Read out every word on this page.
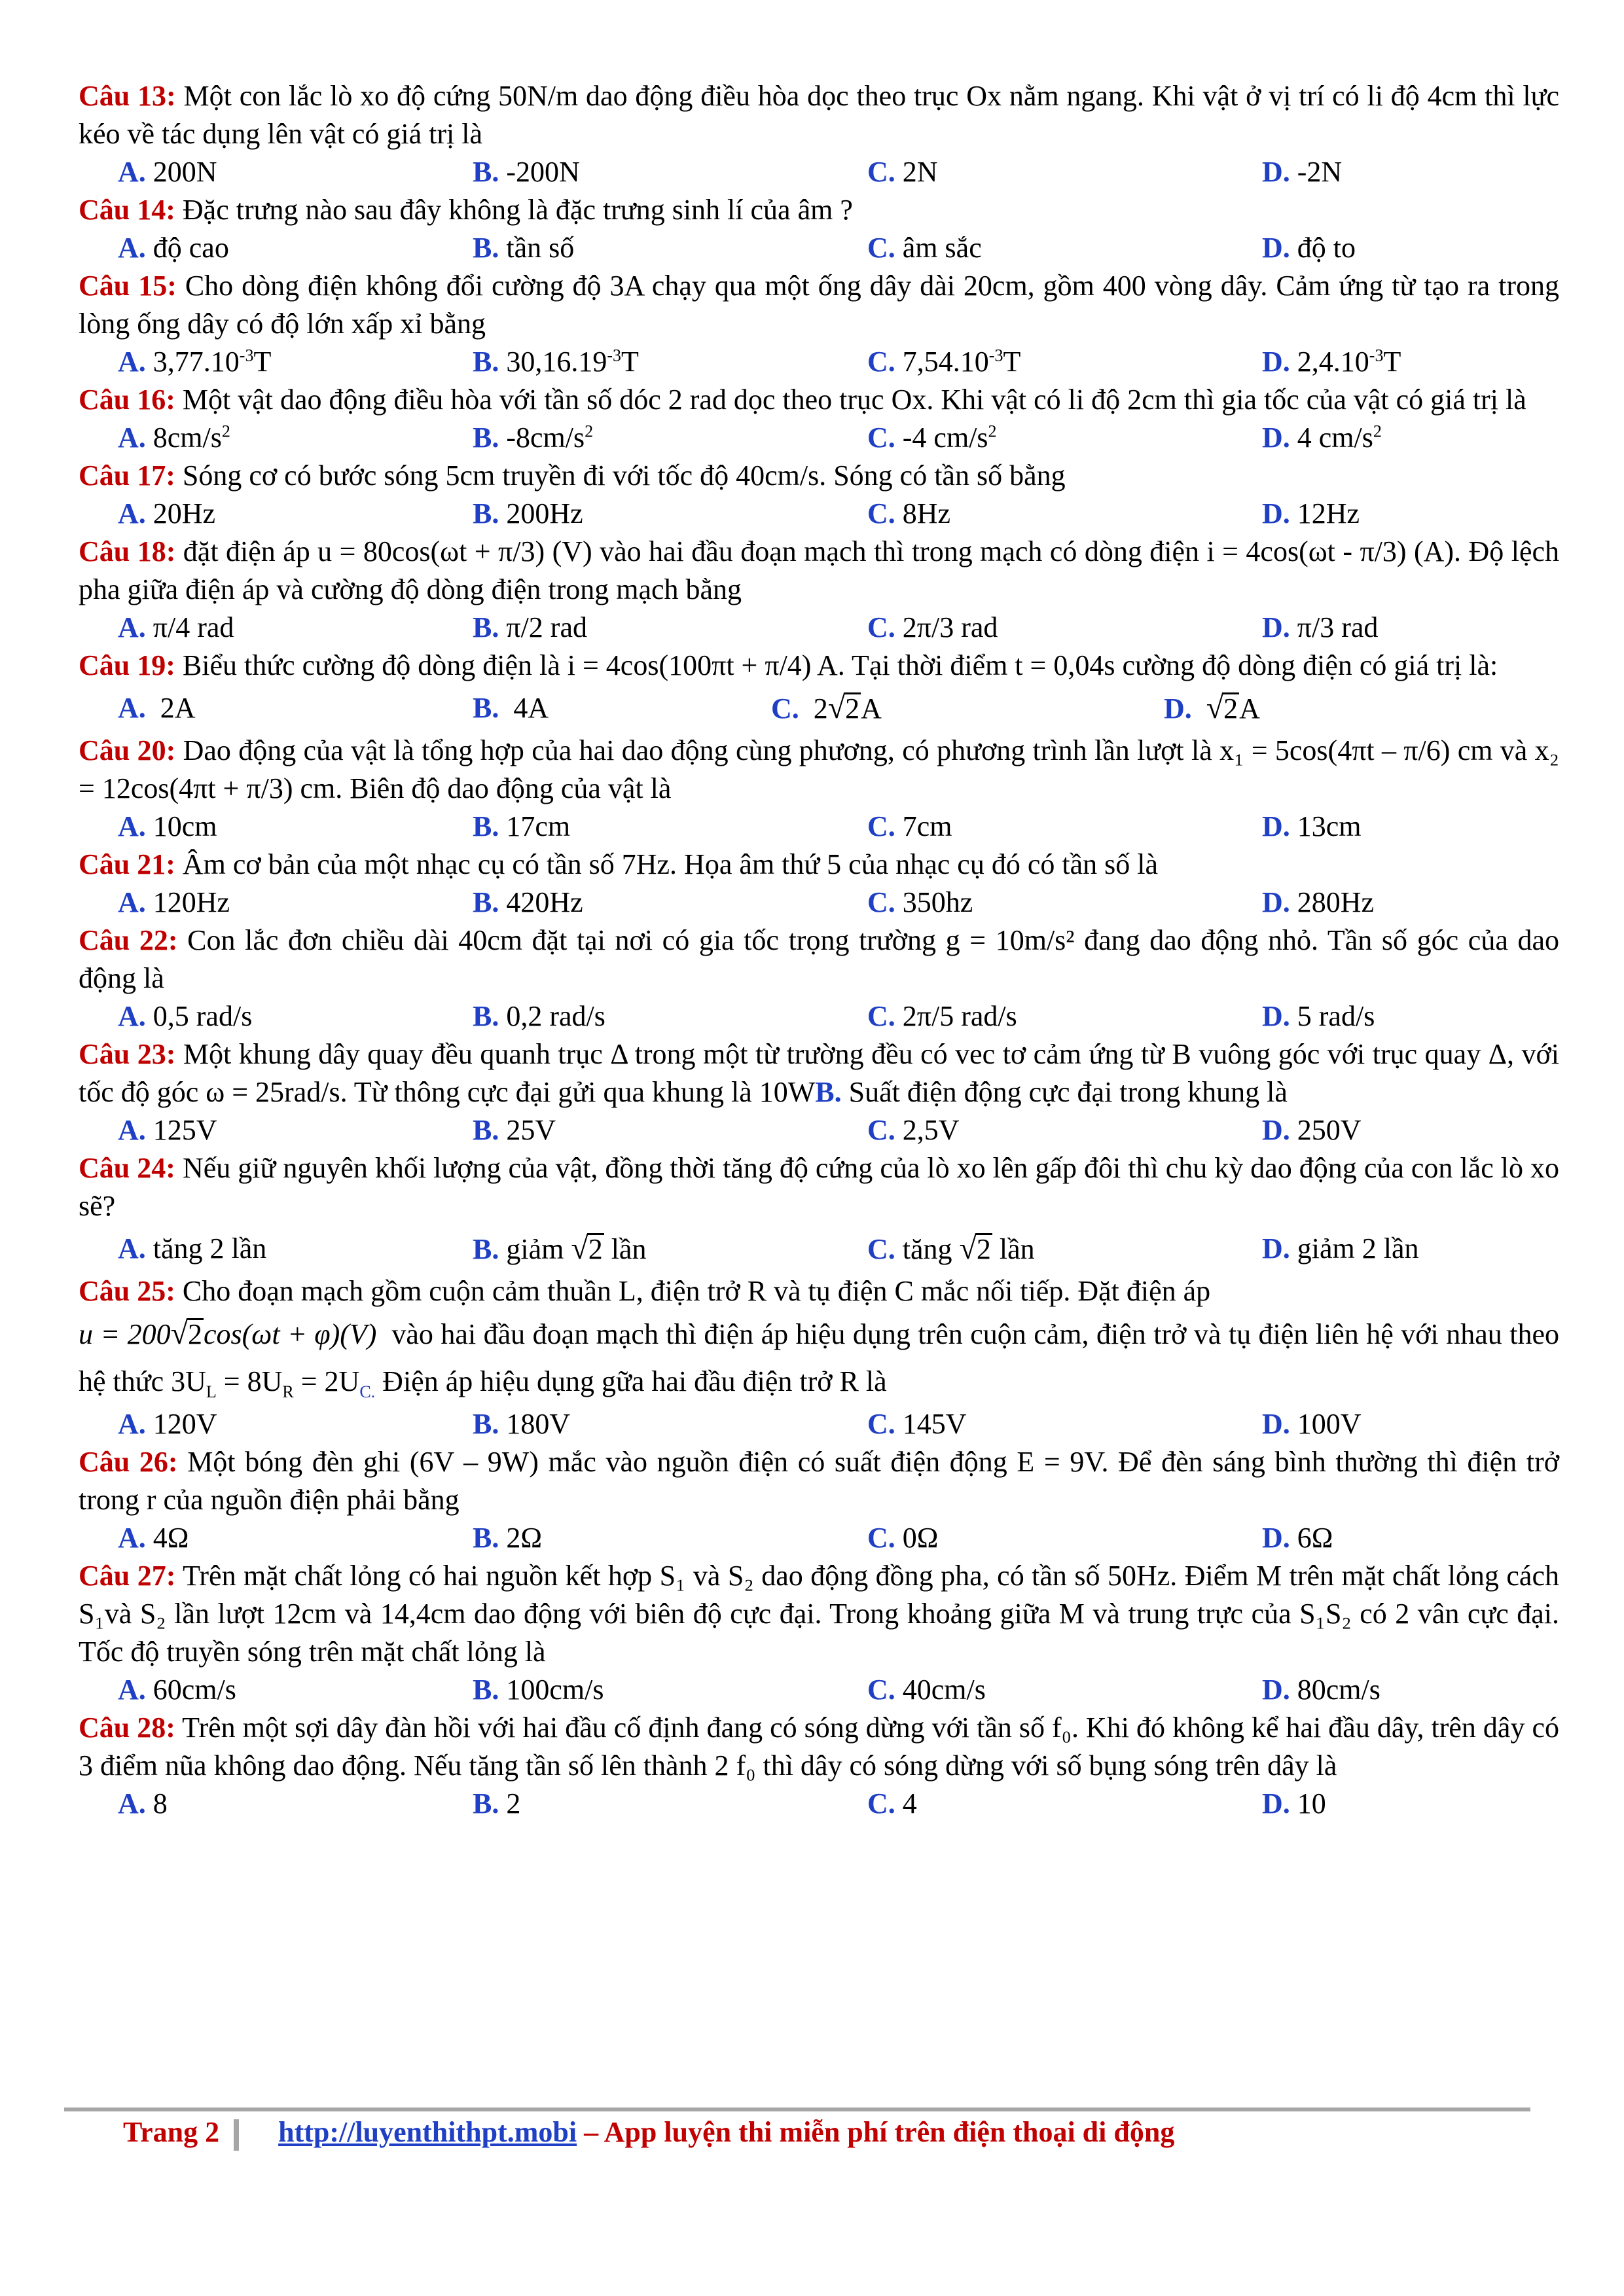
Câu 13: Một con lắc lò xo độ cứng 50N/m dao động điều hòa dọc theo trục Ox nằm ngang. Khi vật ở vị trí có li độ 4cm thì lực kéo về tác dụng lên vật có giá trị là
A. 200N	B. -200N	C. 2N	D. -2N
Câu 14: Đặc trưng nào sau đây không là đặc trưng sinh lí của âm ?
A. độ cao	B. tần số	C. âm sắc	D. độ to
Câu 15: Cho dòng điện không đổi cường độ 3A chạy qua một ống dây dài 20cm, gồm 400 vòng dây. Cảm ứng từ tạo ra trong lòng ống dây có độ lớn xấp xỉ bằng
A. $3,77.10^{-3}T$	B. $30,16.19^{-3}T$	C. $7,54.10^{-3}T$	D. $2,4.10^{-3}T$
Câu 16: Một vật dao động điều hòa với tần số dóc 2 rad dọc theo trục Ox. Khi vật có li độ 2cm thì gia tốc của vật có giá trị là
A. $8cm/s^2$	B. $-8cm/s^2$	C. -4 $cm/s^2$	D. 4 $cm/s^2$
Câu 17: Sóng cơ có bước sóng 5cm truyền đi với tốc độ 40cm/s. Sóng có tần số bằng
A. 20Hz	B. 200Hz	C. 8Hz	D. 12Hz
Câu 18: đặt điện áp u = 80cos(ωt + π/3) (V) vào hai đầu đoạn mạch thì trong mạch có dòng điện i = 4cos(ωt - π/3) (A). Độ lệch pha giữa điện áp và cường độ dòng điện trong mạch bằng
A. π/4 rad	B. π/2 rad	C. 2π/3 rad	D. π/3 rad
Câu 19: Biểu thức cường độ dòng điện là i = 4cos(100πt + π/4) A. Tại thời điểm t = 0,04s cường độ dòng điện có giá trị là:
A. 2A	B. 4A	C. 2√2A	D. √2A
Câu 20: Dao động của vật là tổng hợp của hai dao động cùng phương, có phương trình lần lượt là x₁ = 5cos(4πt – π/6) cm và x₂ = 12cos(4πt + π/3) cm. Biên độ dao động của vật là
A. 10cm	B. 17cm	C. 7cm	D. 13cm
Câu 21: Âm cơ bản của một nhạc cụ có tần số 7Hz. Họa âm thứ 5 của nhạc cụ đó có tần số là
A. 120Hz	B. 420Hz	C. 350hz	D. 280Hz
Câu 22: Con lắc đơn chiều dài 40cm đặt tại nơi có gia tốc trọng trường g = 10m/s² đang dao động nhỏ. Tần số góc của dao động là
A. 0,5 rad/s	B. 0,2 rad/s	C. 2π/5 rad/s	D. 5 rad/s
Câu 23: Một khung dây quay đều quanh trục Δ trong một từ trường đều có vec tơ cảm ứng từ B vuông góc với trục quay Δ, với tốc độ góc ω = 25rad/s. Từ thông cực đại gửi qua khung là 10WB. Suất điện động cực đại trong khung là
A. 125V	B. 25V	C. 2,5V	D. 250V
Câu 24: Nếu giữ nguyên khối lượng của vật, đồng thời tăng độ cứng của lò xo lên gấp đôi thì chu kỳ dao động của con lắc lò xo sẽ?
A. tăng 2 lần	B. giảm √2 lần	C. tăng √2 lần	D. giảm 2 lần
Câu 25: Cho đoạn mạch gồm cuộn cảm thuần L, điện trở R và tụ điện C mắc nối tiếp. Đặt điện áp
u = 200√2cos(ωt + φ)(V) vào hai đầu đoạn mạch thì điện áp hiệu dụng trên cuộn cảm, điện trở và tụ điện liên hệ với nhau theo hệ thức $3U_L = 8U_R = 2U_{C.}$ Điện áp hiệu dụng gữa hai đầu điện trở R là
A. 120V	B. 180V	C. 145V	D. 100V
Câu 26: Một bóng đèn ghi (6V – 9W) mắc vào nguồn điện có suất điện động E = 9V. Để đèn sáng bình thường thì điện trở trong r của nguồn điện phải bằng
A. 4Ω	B. 2Ω	C. 0Ω	D. 6Ω
Câu 27: Trên mặt chất lỏng có hai nguồn kết hợp S₁ và S₂ dao động đồng pha, có tần số 50Hz. Điểm M trên mặt chất lỏng cách S₁và S₂ lần lượt 12cm và 14,4cm dao động với biên độ cực đại. Trong khoảng giữa M và trung trực của S₁S₂ có 2 vân cực đại. Tốc độ truyền sóng trên mặt chất lỏng là
A. 60cm/s	B. 100cm/s	C. 40cm/s	D. 80cm/s
Câu 28: Trên một sợi dây đàn hồi với hai đầu cố định đang có sóng dừng với tần số f₀. Khi đó không kể hai đầu dây, trên dây có 3 điểm nũa không dao động. Nếu tăng tần số lên thành 2 f₀ thì dây có sóng dừng với số bụng sóng trên dây là
A. 8	B. 2	C. 4	D. 10
Trang 2 http://luyenthithpt.mobi – App luyện thi miễn phí trên điện thoại di động
